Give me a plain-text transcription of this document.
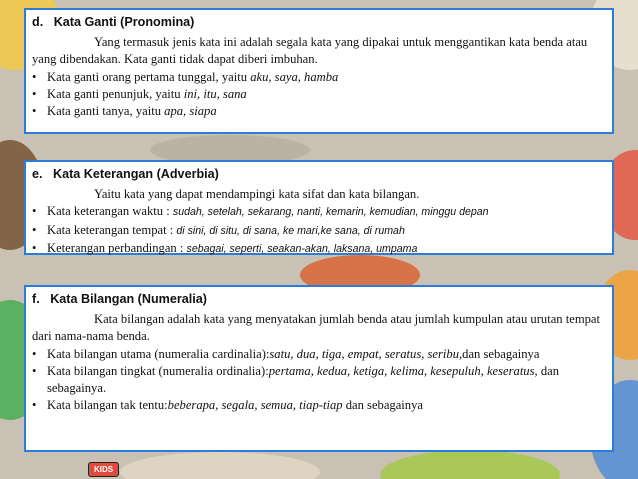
d.   Kata Ganti (Pronomina)
Yang termasuk jenis kata ini adalah segala kata yang dipakai untuk menggantikan kata benda atau yang dibendakan. Kata ganti tidak dapat diberi imbuhan.
• Kata ganti orang pertama tunggal, yaitu aku, saya, hamba
• Kata ganti penunjuk, yaitu ini, itu, sana
• Kata ganti tanya, yaitu apa, siapa
e.   Kata Keterangan (Adverbia)
Yaitu kata yang dapat mendampingi kata sifat dan kata bilangan.
• Kata keterangan waktu : sudah, setelah, sekarang, nanti, kemarin, kemudian, minggu depan
• Kata keterangan tempat : di sini, di situ, di sana, ke mari,ke sana, di rumah
• Keterangan perbandingan : sebagai, seperti, seakan-akan, laksana, umpama
f.   Kata Bilangan (Numeralia)
Kata bilangan adalah kata yang menyatakan jumlah benda atau jumlah kumpulan atau urutan tempat dari nama-nama benda.
• Kata bilangan utama (numeralia cardinalia):satu, dua, tiga, empat, seratus, seribu,dan sebagainya
• Kata bilangan tingkat (numeralia ordinalia):pertama, kedua, ketiga, kelima, kesepuluh, keseratus, dan sebagainya.
• Kata bilangan tak tentu:beberapa, segala, semua, tiap-tiap dan sebagainya
KIDS
